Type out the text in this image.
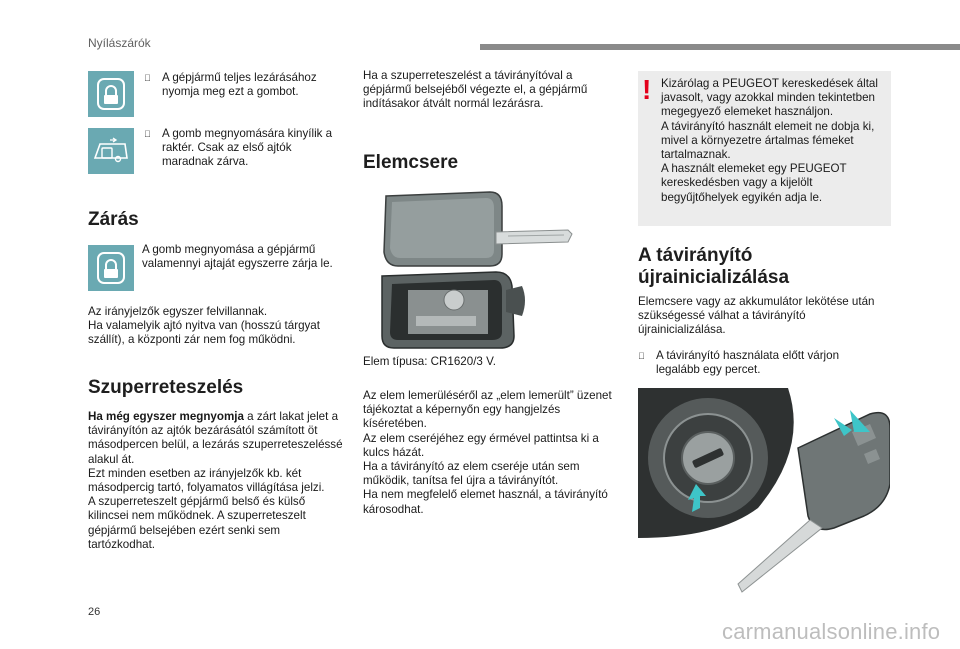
Nyílászárók
A gépjármű teljes lezárásához nyomja meg ezt a gombot.
A gomb megnyomására kinyílik a raktér. Csak az első ajtók maradnak zárva.
Zárás
A gomb megnyomása a gépjármű valamennyi ajtaját egyszerre zárja le.
Az irányjelzők egyszer felvillannak.
Ha valamelyik ajtó nyitva van (hosszú tárgyat szállít), a központi zár nem fog működni.
Szuperreteszelés
Ha még egyszer megnyomja a zárt lakat jelet a távirányítón az ajtók bezárásától számított öt másodpercen belül, a lezárás szuperreteszeléssé alakul át.
Ezt minden esetben az irányjelzők kb. két másodpercig tartó, folyamatos villágítása jelzi.
A szuperreteszelt gépjármű belső és külső kilincsei nem működnek. A szuperreteszelt gépjármű belsejében ezért senki sem tartózkodhat.
Ha a szuperreteszelést a távirányítóval a gépjármű belsejéből végezte el, a gépjármű indításakor átvált normál lezárásra.
Elemcsere
Elem típusa: CR1620/3 V.
Az elem lemerüléséről az „elem lemerült” üzenet tájékoztat a képernyőn egy hangjelzés kíséretében.
Az elem cseréjéhez egy érmével pattintsa ki a kulcs házát.
Ha a távirányító az elem cseréje után sem működik, tanítsa fel újra a távirányítót.
Ha nem megfelelő elemet használ, a távirányító károsodhat.
! Kizárólag a PEUGEOT kereskedések által javasolt, vagy azokkal minden tekintetben megegyező elemeket használjon.
A távirányító használt elemeit ne dobja ki, mivel a környezetre ártalmas fémeket tartalmaznak.
A használt elemeket egy PEUGEOT kereskedésben vagy a kijelölt begyűjtőhelyek egyikén adja le.
A távirányító
újrainicializálása
Elemcsere vagy az akkumulátor lekötése után szükségessé válhat a távirányító újrainicializálása.
A távirányító használata előtt várjon legalább egy percet.
26
carmanualsonline.info
